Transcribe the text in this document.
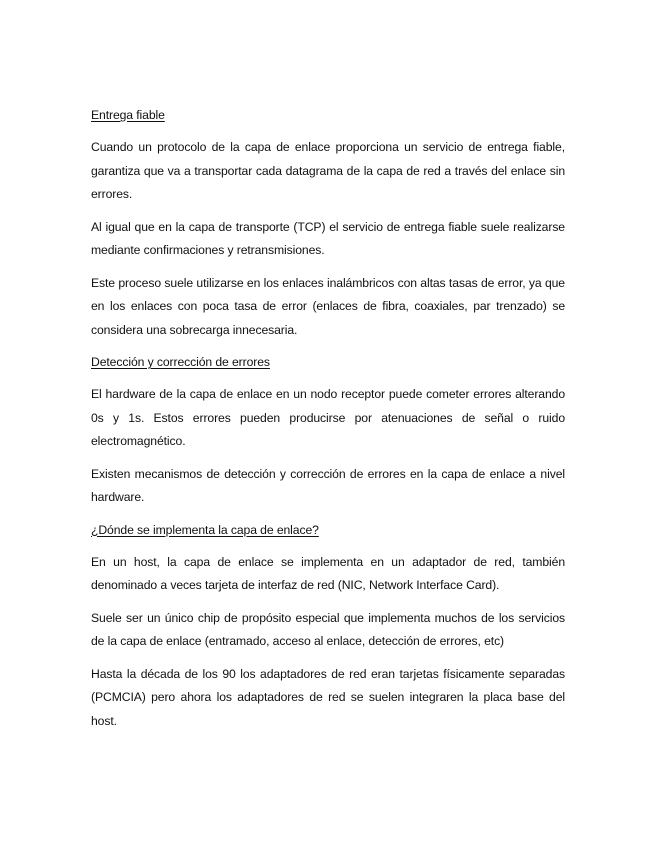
Entrega fiable

Cuando un protocolo de la capa de enlace proporciona un servicio de entrega fiable, garantiza que va a transportar cada datagrama de la capa de red a través del enlace sin errores.

Al igual que en la capa de transporte (TCP) el servicio de entrega fiable suele realizarse mediante confirmaciones y retransmisiones.

Este proceso suele utilizarse en los enlaces inalámbricos con altas tasas de error, ya que en los enlaces con poca tasa de error (enlaces de fibra, coaxiales, par trenzado) se considera una sobrecarga innecesaria.

Detección y corrección de errores

El hardware de la capa de enlace en un nodo receptor puede cometer errores alterando 0s y 1s. Estos errores pueden producirse por atenuaciones de señal o ruido electromagnético.

Existen mecanismos de detección y corrección de errores en la capa de enlace a nivel hardware.

¿Dónde se implementa la capa de enlace?

En un host, la capa de enlace se implementa en un adaptador de red, también denominado a veces tarjeta de interfaz de red (NIC, Network Interface Card).

Suele ser un único chip de propósito especial que implementa muchos de los servicios de la capa de enlace (entramado, acceso al enlace, detección de errores, etc)

Hasta la década de los 90 los adaptadores de red eran tarjetas físicamente separadas (PCMCIA) pero ahora los adaptadores de red se suelen integraren la placa base del host.
